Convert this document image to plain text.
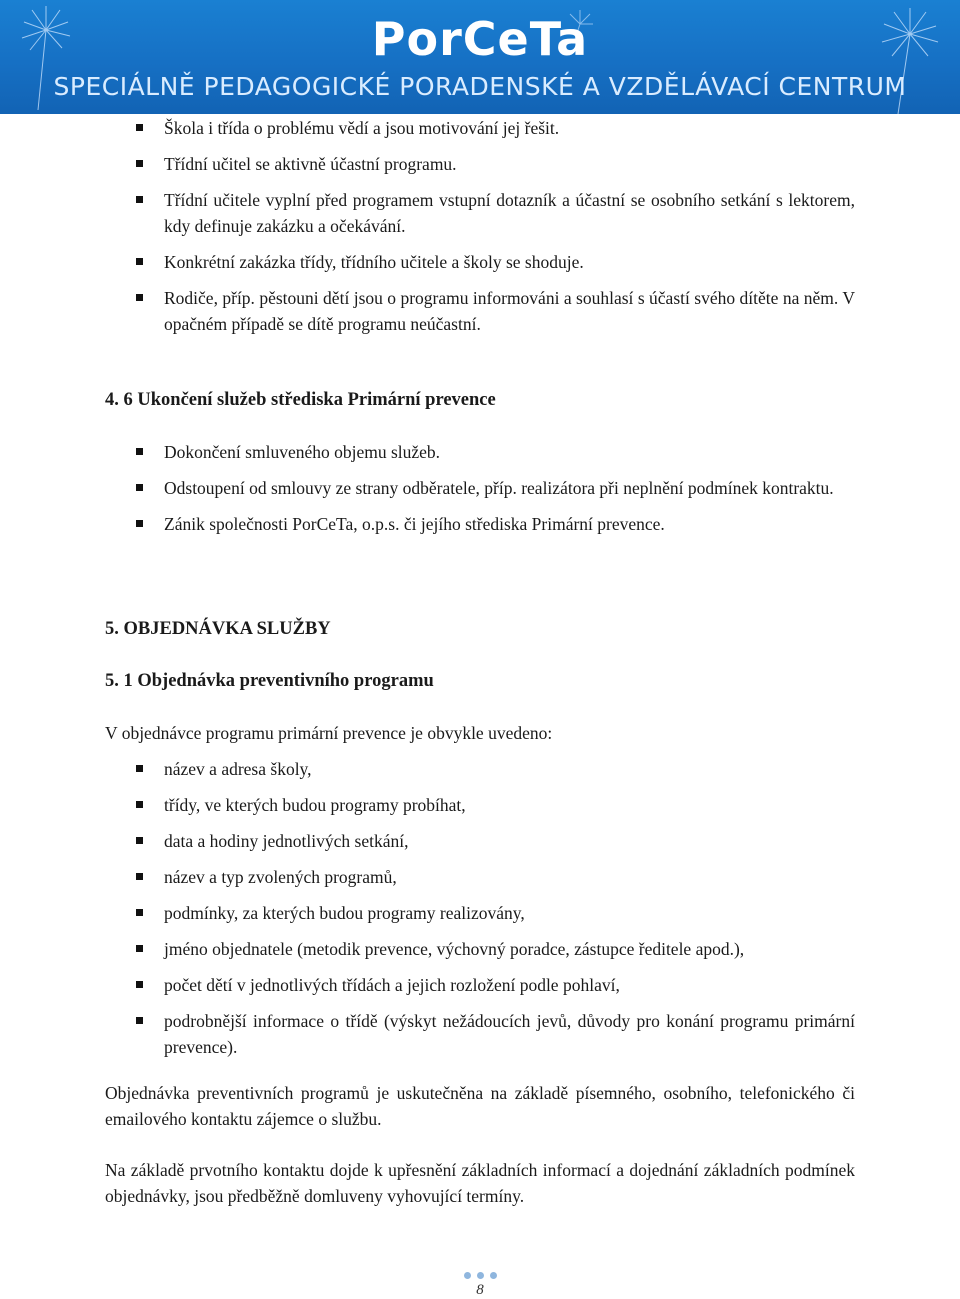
PorCeTa
SPECIÁLNĚ PEDAGOGICKÉ PORADENSKÉ A VZDĚLÁVACÍ CENTRUM
Škola i třída o problému vědí a jsou motivování jej řešit.
Třídní učitel se aktivně účastní programu.
Třídní učitele vyplní před programem vstupní dotazník a účastní se osobního setkání s lektorem, kdy definuje zakázku a očekávání.
Konkrétní zakázka třídy, třídního učitele a školy se shoduje.
Rodiče, příp. pěstouni dětí jsou o programu informováni a souhlasí s účastí svého dítěte na něm. V opačném případě se dítě programu neúčastní.
4. 6 Ukončení služeb střediska Primární prevence
Dokončení smluveného objemu služeb.
Odstoupení od smlouvy ze strany odběratele, příp. realizátora při neplnění podmínek kontraktu.
Zánik společnosti PorCeTa, o.p.s. či jejího střediska Primární prevence.
5. OBJEDNÁVKA SLUŽBY
5. 1 Objednávka preventivního programu

V objednávce programu primární prevence je obvykle uvedeno:

název a adresa školy,
třídy, ve kterých budou programy probíhat,
data a hodiny jednotlivých setkání,
název a typ zvolených programů,
podmínky, za kterých budou programy realizovány,
jméno objednatele (metodik prevence, výchovný poradce, zástupce ředitele apod.),
počet dětí v jednotlivých třídách a jejich rozložení podle pohlaví,
podrobnější informace o třídě (výskyt nežádoucích jevů, důvody pro konání programu primární prevence).

Objednávka preventivních programů je uskutečněna na základě písemného, osobního, telefonického či emailového kontaktu zájemce o službu.

Na základě prvotního kontaktu dojde k upřesnění základních informací a dojednání základních podmínek objednávky, jsou předběžně domluveny vyhovující termíny.

8
